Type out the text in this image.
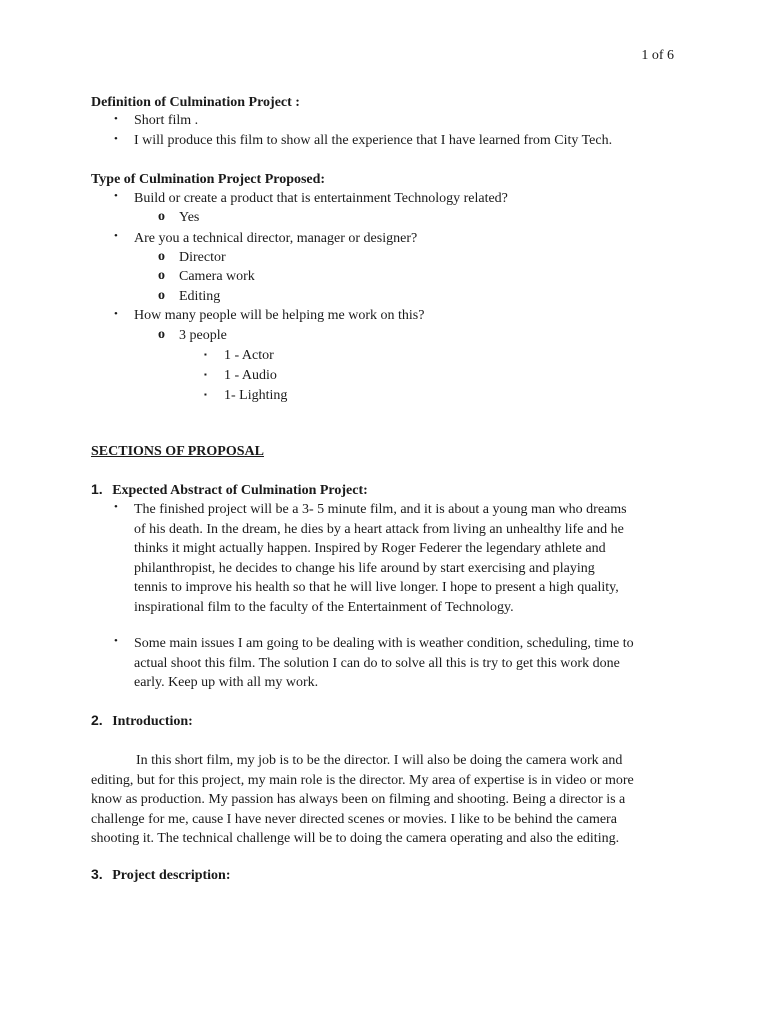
1 of 6
Definition of Culmination Project :
• Short film .
• I will produce this film to show all the experience that I have learned from City Tech.
Type of Culmination Project Proposed:
• Build or create a product that is entertainment Technology related?
o Yes
• Are you a technical director, manager or designer?
o Director
o Camera work
o Editing
• How many people will be helping me work on this?
o 3 people
▪ 1 - Actor
▪ 1 - Audio
▪ 1- Lighting
SECTIONS OF PROPOSAL
1. Expected Abstract of Culmination Project:
• The finished project will be a 3- 5 minute film, and it is about a young man who dreams
of his death. In the dream, he dies by a heart attack from living an unhealthy life and he
thinks it might actually happen. Inspired by Roger Federer the legendary athlete and
philanthropist, he decides to change his life around by start exercising and playing
tennis to improve his health so that he will live longer. I hope to present a high quality,
inspirational film to the faculty of the Entertainment of Technology.
• Some main issues I am going to be dealing with is weather condition, scheduling, time to
actual shoot this film. The solution I can do to solve all this is try to get this work done
early. Keep up with all my work.
2. Introduction:
In this short film, my job is to be the director. I will also be doing the camera work and
editing, but for this project, my main role is the director. My area of expertise is in video or more
know as production. My passion has always been on filming and shooting. Being a director is a
challenge for me, cause I have never directed scenes or movies. I like to be behind the camera
shooting it. The technical challenge will be to doing the camera operating and also the editing.
3. Project description:
